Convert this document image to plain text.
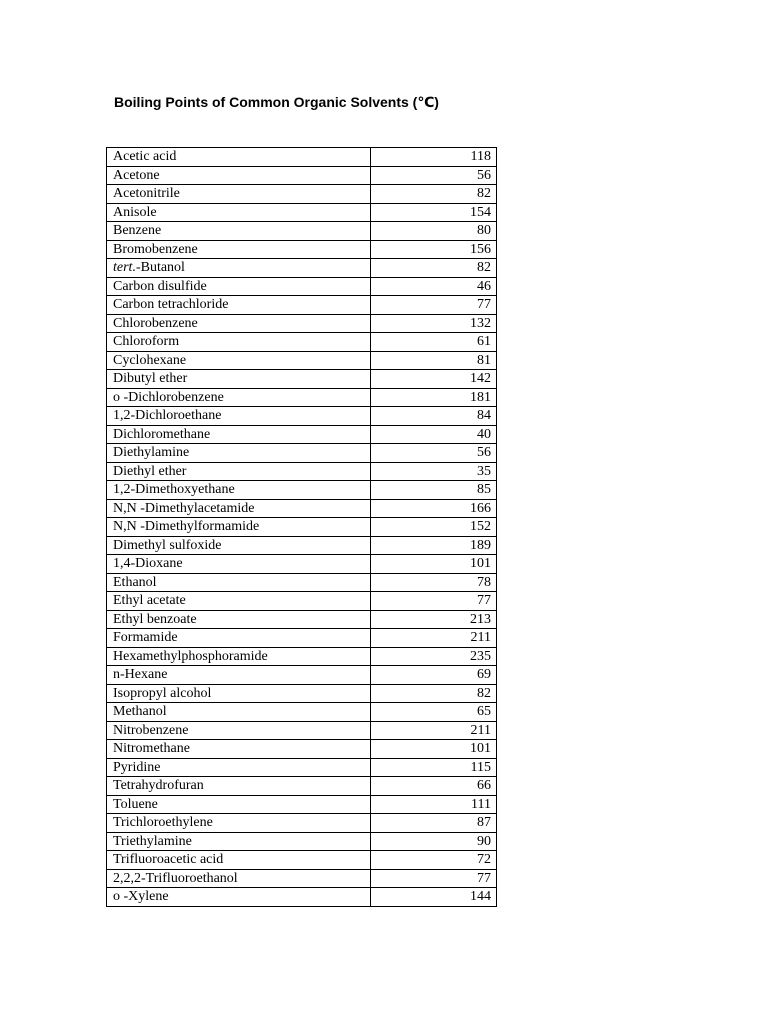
Boiling Points of Common Organic Solvents (℃)
Acetic acid	118
Acetone	56
Acetonitrile	82
Anisole	154
Benzene	80
Bromobenzene	156
tert.-Butanol	82
Carbon disulfide	46
Carbon tetrachloride	77
Chlorobenzene	132
Chloroform	61
Cyclohexane	81
Dibutyl ether	142
o -Dichlorobenzene	181
1,2-Dichloroethane	84
Dichloromethane	40
Diethylamine	56
Diethyl ether	35
1,2-Dimethoxyethane	85
N,N -Dimethylacetamide	166
N,N -Dimethylformamide	152
Dimethyl sulfoxide	189
1,4-Dioxane	101
Ethanol	78
Ethyl acetate	77
Ethyl benzoate	213
Formamide	211
Hexamethylphosphoramide	235
n-Hexane	69
Isopropyl alcohol	82
Methanol	65
Nitrobenzene	211
Nitromethane	101
Pyridine	115
Tetrahydrofuran	66
Toluene	111
Trichloroethylene	87
Triethylamine	90
Trifluoroacetic acid	72
2,2,2-Trifluoroethanol	77
o -Xylene	144
